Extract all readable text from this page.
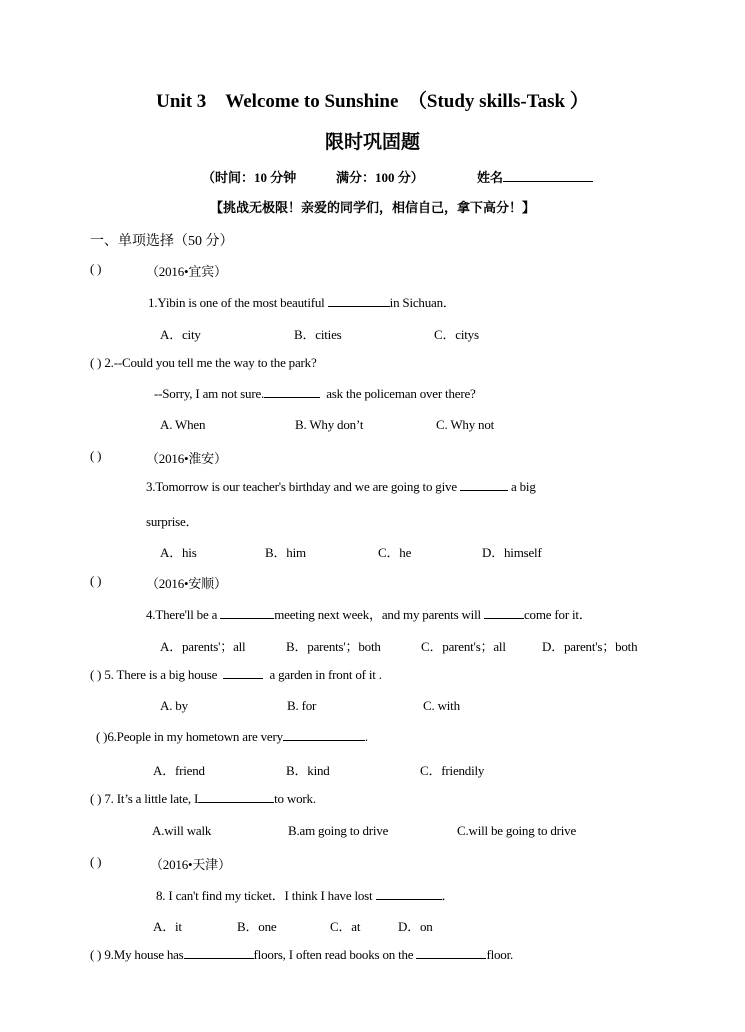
Unit 3　Welcome to Sunshine　（Study skills-Task ）
限时巩固题
（时间：10 分钟	满分：100 分）	姓名
【挑战无极限！亲爱的同学们，相信自己，拿下高分！】
一、单项选择（50 分）
( )	（2016•宜宾）
1.Yibin is one of the most beautiful	in Sichuan．
A．city	B．cities	C．citys
( ) 2.--Could you tell me the way to the park?
--Sorry, I am not sure.	ask the policeman over there?
A. When	B. Why don’t	C. Why not
( )	（2016•淮安）
3.Tomorrow is our teacher's birthday and we are going to give	a big
surprise．
A．his	B．him	C．he	D．himself
( )	（2016•安顺）
4.There'll be a	meeting next week，and my parents will	come for it．
A．parents'；all	B．parents'；both	C．parent's；all	D．parent's；both
( ) 5. There is a big house	a garden in front of it .
A. by	B. for	C. with
( )6.People in my hometown are very	.
A．friend	B．kind	C．friendily
( ) 7. It’s a little late, I	to work.
A.will walk	B.am going to drive	C.will be going to drive
( )	（2016•天津）
8. I can't find my ticket．I think I have lost	．
A．it	B．one	C．at	D．on
( ) 9.My house has	floors, I often read books on the	floor.
